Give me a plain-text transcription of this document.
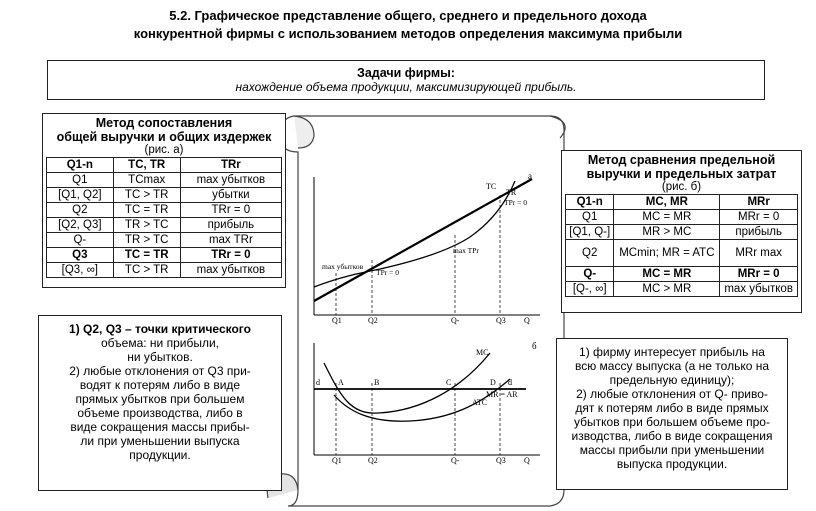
5.2. Графическое представление общего, среднего и предельного дохода
конкурентной фирмы с использованием методов определения максимума прибыли
Задачи фирмы:
нахождение объема продукции, максимизирующей прибыль.
а
TC
TR
TPr = 0
TPr = 0
max убытков
max TPr
Q1	Q2	Q-	Q3 Q
б
MC
ATC
MR = AR
d A	B	C	D d
Q1	Q2	Q-	Q3 Q
Метод сопоставления
общей выручки и общих издержек
(рис. а)
Q1-n	TC, TR	TRr
Q1	TCmax	max убытков
[Q1, Q2]	TC > TR	убытки
Q2	TC = TR	TRr = 0
[Q2, Q3]	TR > TC	прибыль
Q-	TR > TC	max TRr
Q3	TC = TR	TRr = 0
[Q3, ∞]	TC > TR	max убытков
Метод сравнения предельной
выручки и предельных затрат
(рис. б)
Q1-n	MC, MR	MRr
Q1	MC = MR	MRr = 0
[Q1, Q-]	MR > MC	прибыль
Q2	MCmin; MR = ATC	MRr max
Q-	MC = MR	MRr = 0
[Q-, ∞]	MC > MR	max убытков
1) Q2, Q3 – точки критического
объема: ни прибыли,
ни убытков.
2) любые отклонения от Q3 при-
водят к потерям либо в виде
прямых убытков при большем
объеме производства, либо в
виде сокращения массы прибы-
ли при уменьшении выпуска
продукции.
1) фирму интересует прибыль на
всю массу выпуска (а не только на
предельную единицу);
2) любые отклонения от Q- приво-
дят к потерям либо в виде прямых
убытков при большем объеме про-
изводства, либо в виде сокращения
массы прибыли при уменьшении
выпуска продукции.
